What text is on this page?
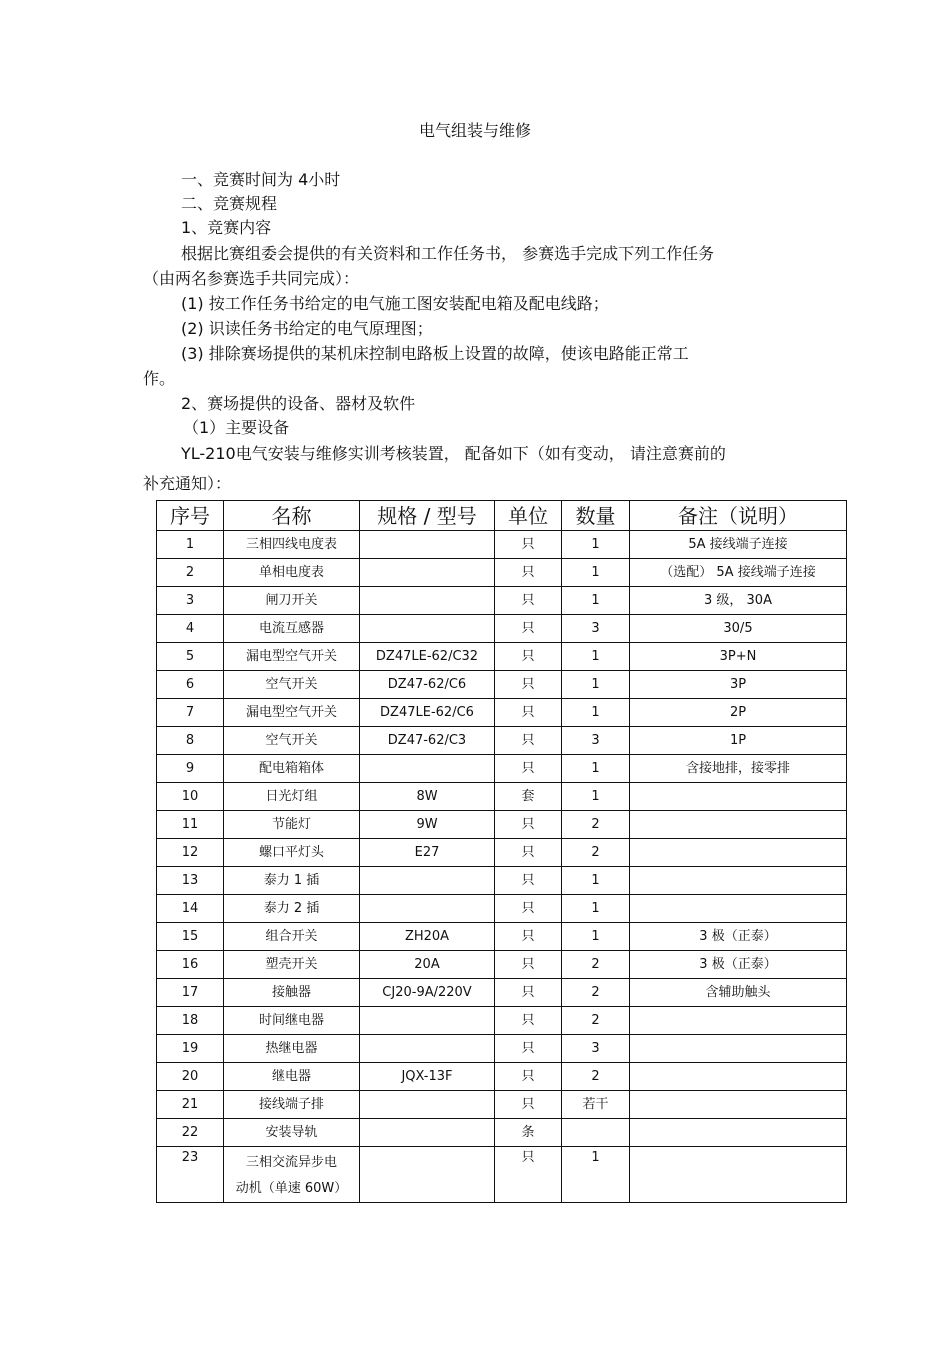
电气组装与维修
一、竞赛时间为 4小时
二、竞赛规程
1、竞赛内容
根据比赛组委会提供的有关资料和工作任务书， 参赛选手完成下列工作任务
（由两名参赛选手共同完成）：
(1) 按工作任务书给定的电气施工图安装配电箱及配电线路；
(2) 识读任务书给定的电气原理图；
(3) 排除赛场提供的某机床控制电路板上设置的故障，使该电路能正常工
作。
2、赛场提供的设备、器材及软件
（1）主要设备
YL-210电气安装与维修实训考核装置， 配备如下（如有变动， 请注意赛前的
补充通知）：
序号	名称	规格 / 型号	单位	数量	备注（说明）
1	三相四线电度表		只	1	5A 接线端子连接
2	单相电度表		只	1	（选配） 5A 接线端子连接
3	闸刀开关		只	1	3 级， 30A
4	电流互感器		只	3	30/5
5	漏电型空气开关	DZ47LE-62/C32	只	1	3P+N
6	空气开关	DZ47-62/C6	只	1	3P
7	漏电型空气开关	DZ47LE-62/C6	只	1	2P
8	空气开关	DZ47-62/C3	只	3	1P
9	配电箱箱体		只	1	含接地排，接零排
10	日光灯组	8W	套	1	
11	节能灯	9W	只	2	
12	螺口平灯头	E27	只	2	
13	泰力 1 插		只	1	
14	泰力 2 插		只	1	
15	组合开关	ZH20A	只	1	3 极（正泰）
16	塑壳开关	20A	只	2	3 极（正泰）
17	接触器	CJ20-9A/220V	只	2	含辅助触头
18	时间继电器		只	2	
19	热继电器		只	3	
20	继电器	JQX-13F	只	2	
21	接线端子排		只	若干	
22	安装导轨		条		
23	三相交流异步电
动机（单速 60W）		只	1	
